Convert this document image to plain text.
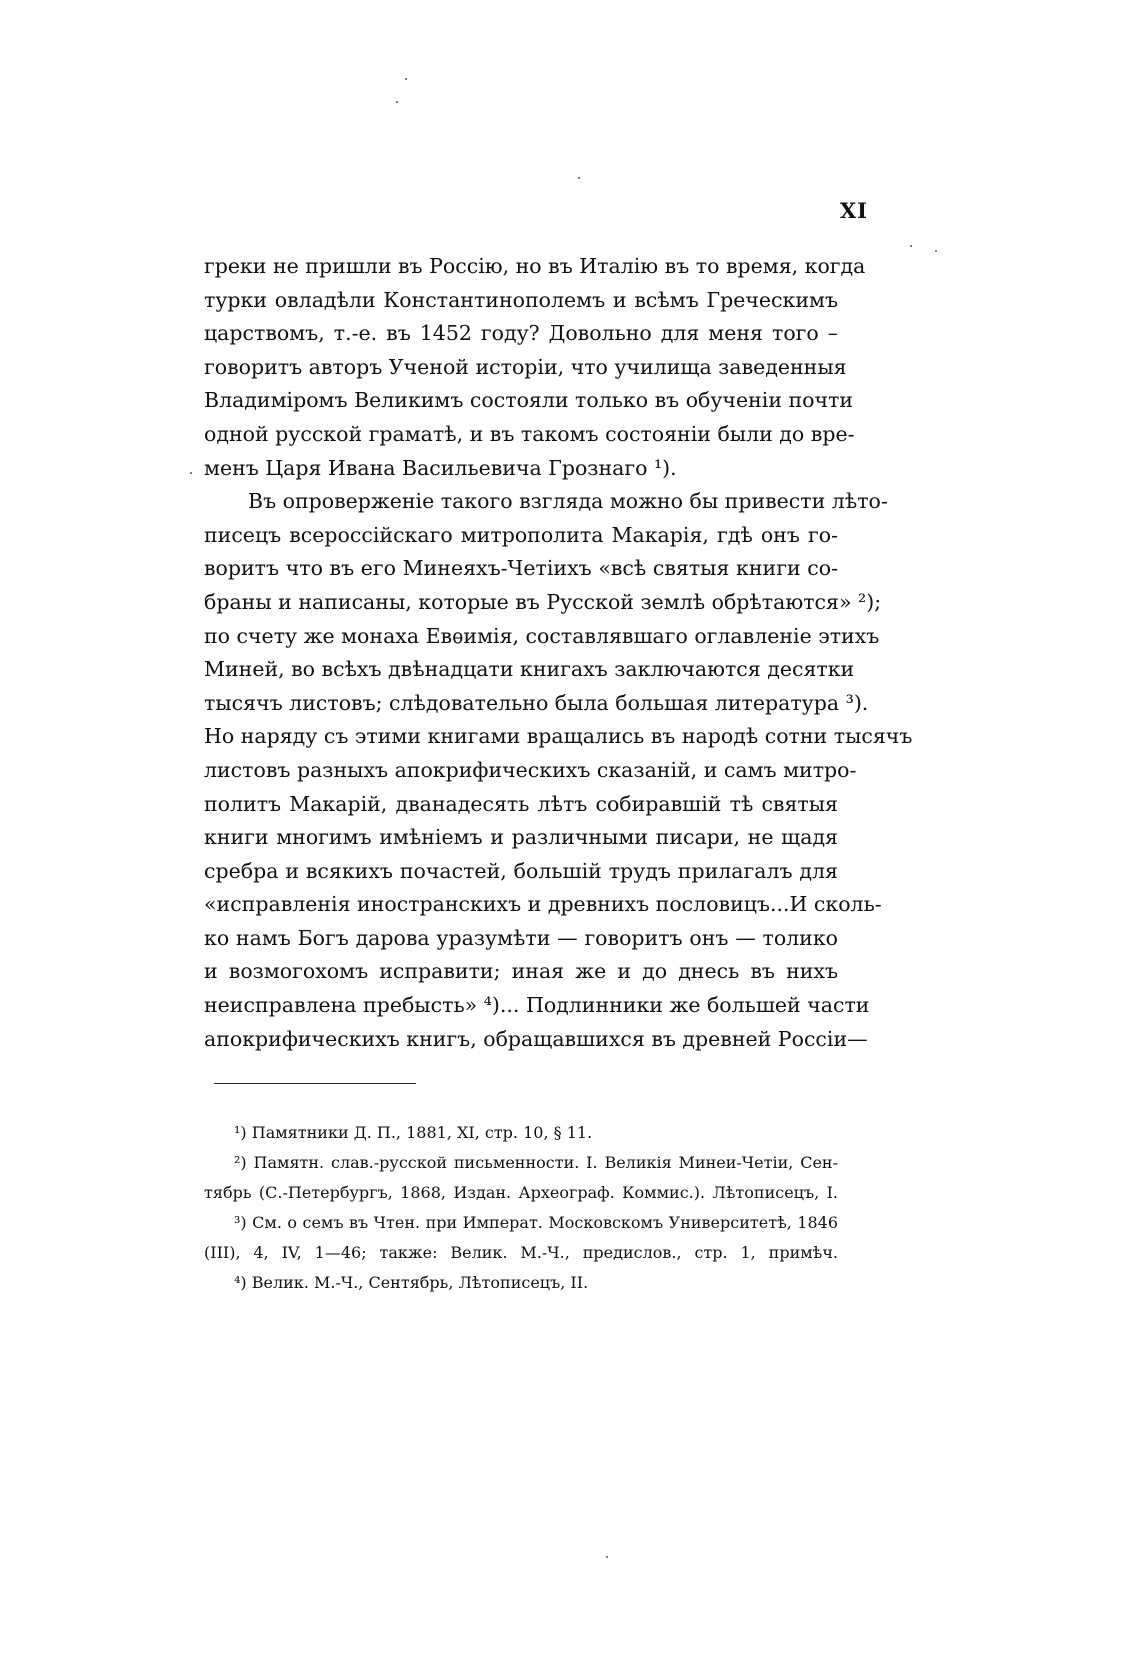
XI
греки не пришли въ Россію, но въ Италію въ то время, когда
турки овладѣли Константинополемъ и всѣмъ Греческимъ
царствомъ, т.-е. въ 1452 году? Довольно для меня того –
говоритъ авторъ Ученой исторіи, что училища заведенныя
Владиміромъ Великимъ состояли только въ обученіи почти
одной русской граматѣ, и въ такомъ состояніи были до вре-
менъ Царя Ивана Васильевича Грознаго ¹).
Въ опроверженіе такого взгляда можно бы привести лѣто-
писецъ всероссійскаго митрополита Макарія, гдѣ онъ го-
воритъ что въ его Минеяхъ-Четіихъ «всѣ святыя книги со-
браны и написаны, которые въ Русской землѣ обрѣтаются» ²);
по счету же монаха Евѳимія, составлявшаго оглавленіе этихъ
Миней, во всѣхъ двѣнадцати книгахъ заключаются десятки
тысячъ листовъ; слѣдовательно была большая литература ³).
Но наряду съ этими книгами вращались въ народѣ сотни тысячъ
листовъ разныхъ апокрифическихъ сказаній, и самъ митро-
политъ Макарій, дванадесять лѣтъ собиравшій тѣ святыя
книги многимъ имѣніемъ и различными писари, не щадя
сребра и всякихъ почастей, большій трудъ прилагалъ для
«исправленія иностранскихъ и древнихъ пословицъ...И сколь-
ко намъ Богъ дарова уразумѣти — говоритъ онъ — толико
и возмогохомъ исправити; иная же и до днесь въ нихъ
неисправлена пребысть» ⁴)... Подлинники же большей части
апокрифическихъ книгъ, обращавшихся въ древней Россіи—
¹) Памятники Д. П., 1881, XI, стр. 10, § 11.
²) Памятн. слав.-русской письменности. I. Великія Минеи-Четіи, Сен-
тябрь (С.-Петербургъ, 1868, Издан. Археограф. Коммис.). Лѣтописецъ, I.
³) См. о семъ въ Чтен. при Императ. Московскомъ Университетѣ, 1846
(III), 4, IV, 1—46; также: Велик. М.-Ч., предислов., стр. 1, примѣч.
⁴) Велик. М.-Ч., Сентябрь, Лѣтописецъ, II.
